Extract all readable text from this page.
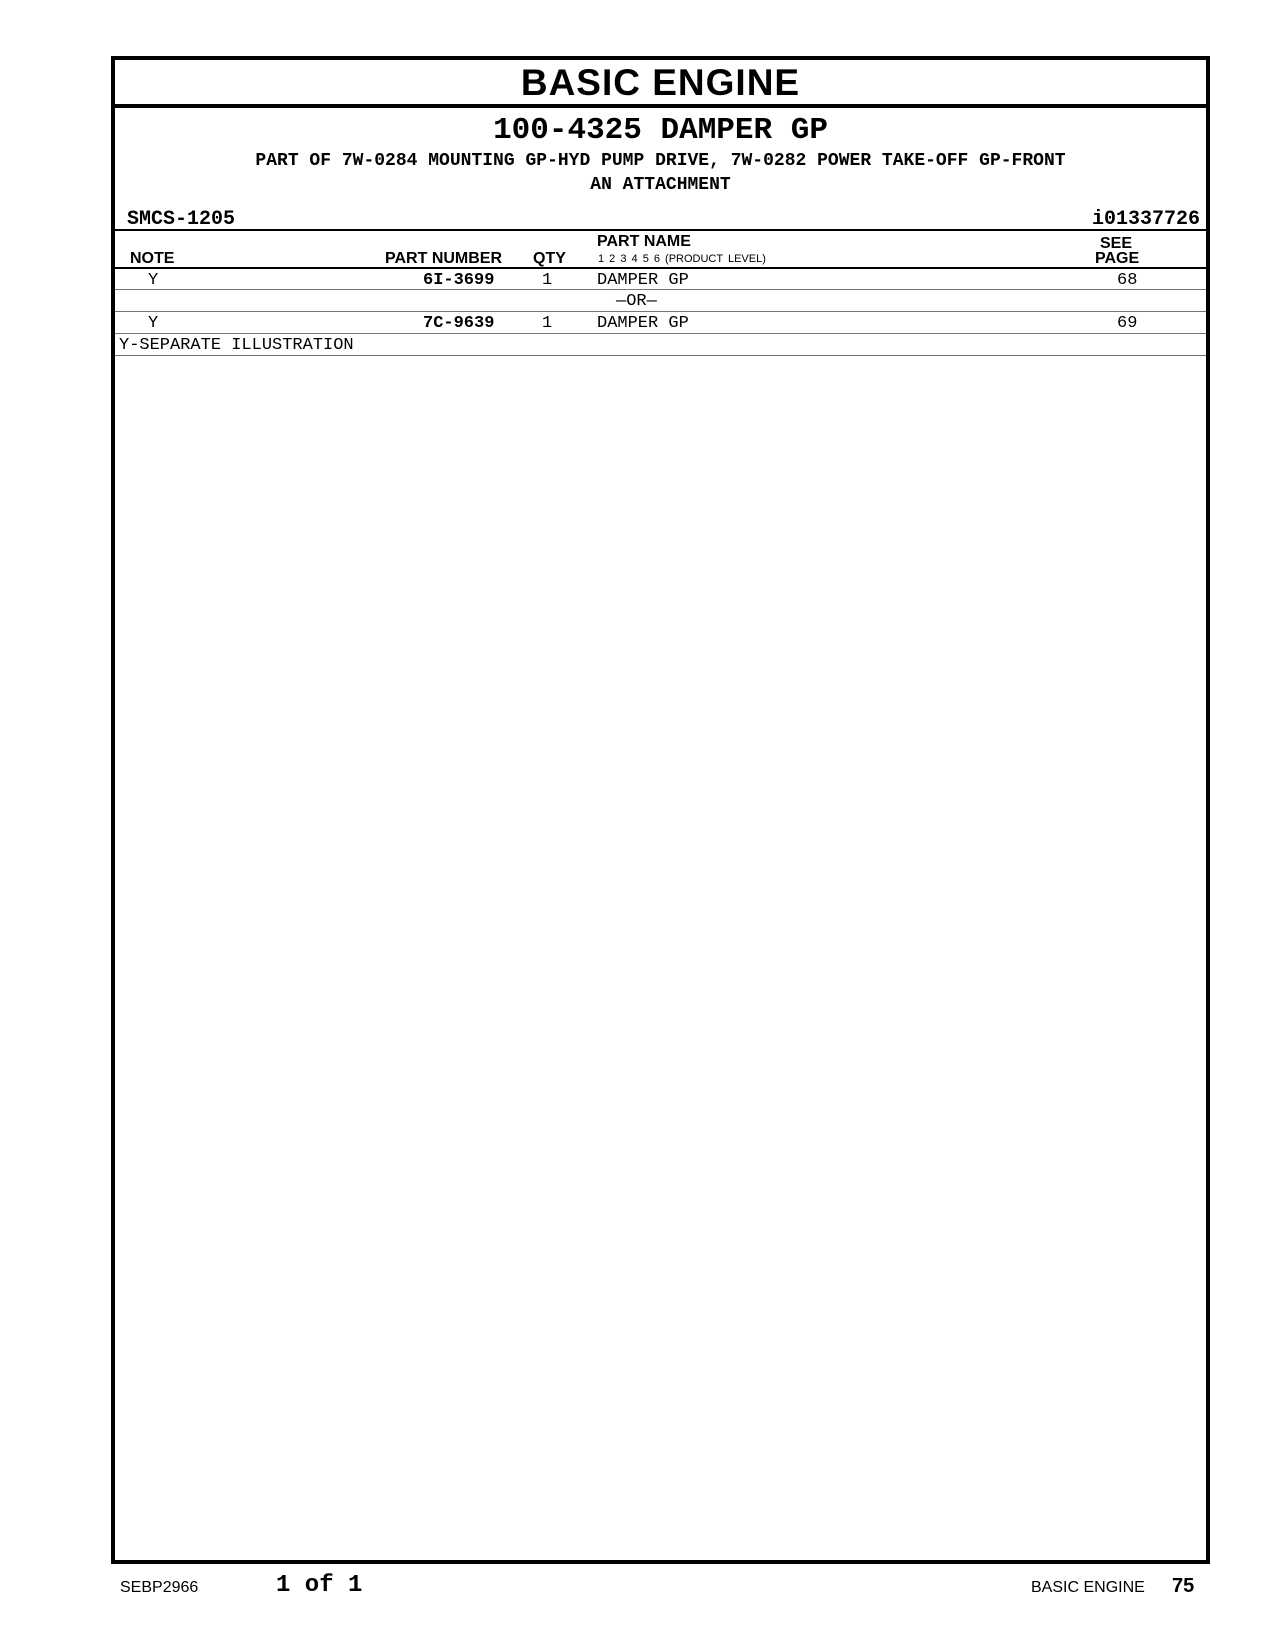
BASIC ENGINE
100-4325 DAMPER GP
PART OF 7W-0284 MOUNTING GP-HYD PUMP DRIVE, 7W-0282 POWER TAKE-OFF GP-FRONT
AN ATTACHMENT
SMCS-1205	i01337726
NOTE	PART NUMBER QTY
PART NAME
1 2 3 4 5 6 (PRODUCT LEVEL)
SEE
PAGE
Y	6I-3699	1	DAMPER GP	68
—OR—
Y	7C-9639	1	DAMPER GP	69
Y-SEPARATE ILLUSTRATION
SEBP2966	1 of 1	BASIC ENGINE 75
